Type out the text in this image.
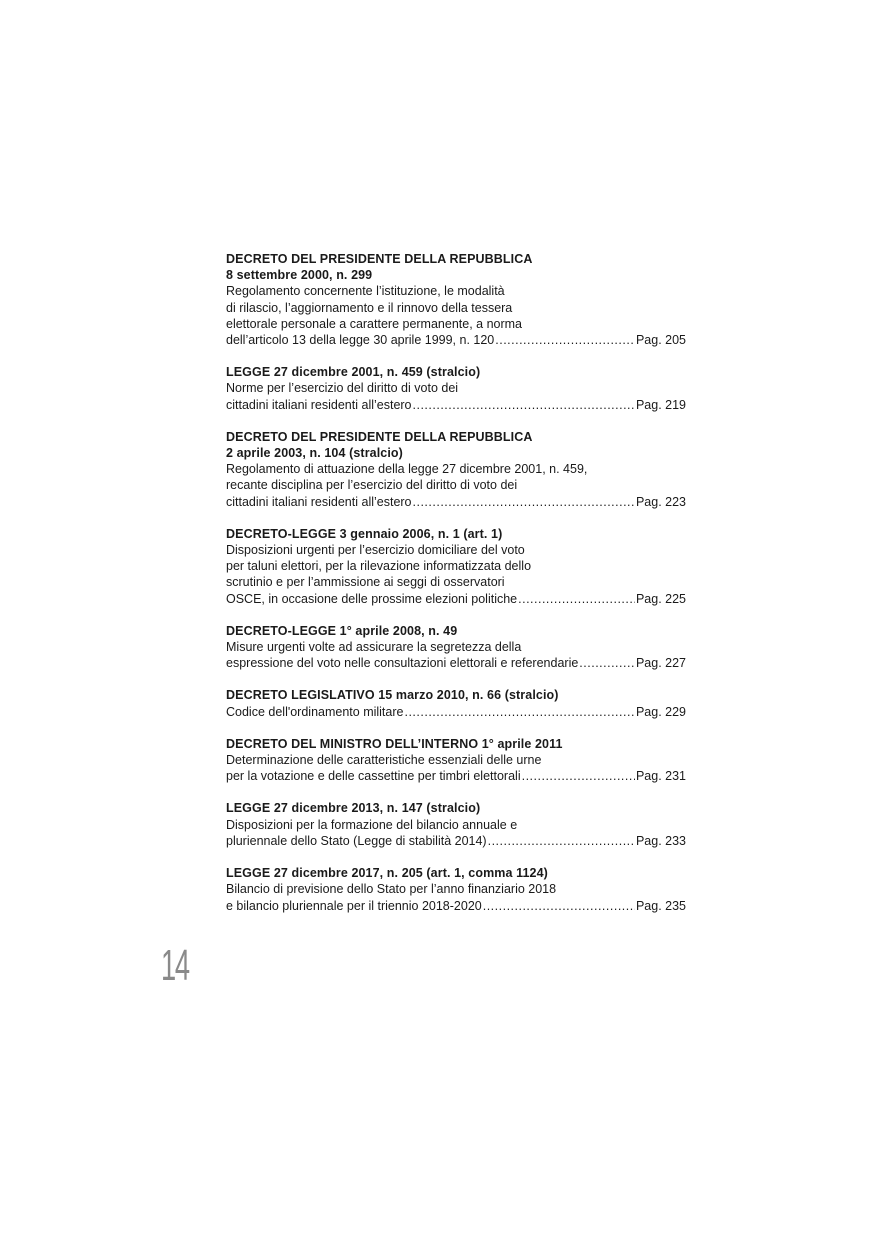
DECRETO DEL PRESIDENTE DELLA REPUBBLICA
8 settembre 2000, n. 299
Regolamento concernente l’istituzione, le modalità
di rilascio, l’aggiornamento e il rinnovo della tessera
elettorale personale a carattere permanente, a norma
dell’articolo 13 della legge 30 aprile 1999, n. 120 .....	Pag. 205
LEGGE 27 dicembre 2001, n. 459 (stralcio)
Norme per l’esercizio del diritto di voto dei
cittadini italiani residenti all’estero .....	Pag. 219
DECRETO DEL PRESIDENTE DELLA REPUBBLICA
2 aprile 2003, n. 104 (stralcio)
Regolamento di attuazione della legge 27 dicembre 2001, n. 459,
recante disciplina per l’esercizio del diritto di voto dei
cittadini italiani residenti all’estero .....	Pag. 223
DECRETO-LEGGE 3 gennaio 2006, n. 1 (art. 1)
Disposizioni urgenti per l’esercizio domiciliare del voto
per taluni elettori, per la rilevazione informatizzata dello
scrutinio e per l’ammissione ai seggi di osservatori
OSCE, in occasione delle prossime elezioni politiche .....	Pag. 225
DECRETO-LEGGE 1° aprile 2008, n. 49
Misure urgenti volte ad assicurare la segretezza della
espressione del voto nelle consultazioni elettorali e referendarie .....	Pag. 227
DECRETO LEGISLATIVO 15 marzo 2010, n. 66 (stralcio)
Codice dell'ordinamento militare .....	Pag. 229
DECRETO DEL MINISTRO DELL’INTERNO 1° aprile 2011
Determinazione delle caratteristiche essenziali delle urne
per la votazione e delle cassettine per timbri elettorali .....	Pag. 231
LEGGE 27 dicembre 2013, n. 147 (stralcio)
Disposizioni per la formazione del bilancio annuale e
pluriennale dello Stato (Legge di stabilità 2014) .....	Pag. 233
LEGGE 27 dicembre 2017, n. 205 (art. 1, comma 1124)
Bilancio di previsione dello Stato per l’anno finanziario 2018
e bilancio pluriennale per il triennio 2018-2020 .....	Pag. 235
14
